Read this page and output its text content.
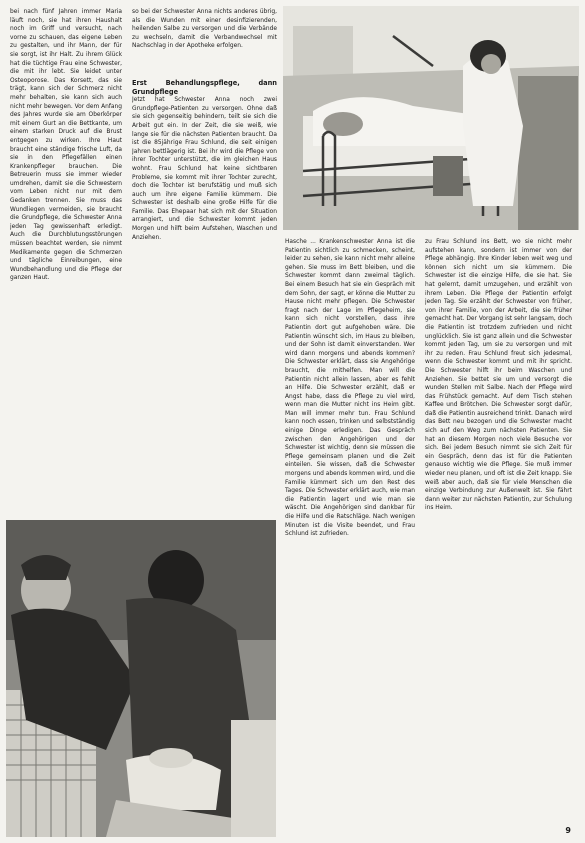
bei nach fünf Jahren immer Maria läuft noch, sie hat ihren Haushalt noch im Griff und versucht, nach vorne zu schauen, das eigene Leben zu gestalten, und ihr Mann, der für sie sorgt, ist ihr Halt. Zu ihrem Glück hat die tüchtige Frau eine Schwester, die mit ihr lebt. Sie leidet unter Osteoporose. Das Korsett, das sie trägt, kann sich der Schmerz nicht mehr behalten, sie kann sich auch nicht mehr bewegen. Vor dem Anfang des Jahres wurde sie am Oberkörper mit einem Gurt an die Bettkante, um einem starken Druck auf die Brust entgegen zu wirken. Ihre Haut braucht eine ständige frische Luft, da sie in den Pflegefällen einen Krankenpfleger brauchen. Die Betreuerin muss sie immer wieder umdrehen, damit sie die Schwestern vom Leben nicht nur mit dem Gedanken trennen. Sie muss das Wundliegen vermeiden, sie braucht die Grundpflege, die Schwester Anna jeden Tag gewissenhaft erledigt. Auch die Durchblutungsstörungen müssen beachtet werden, sie nimmt Medikamente gegen die Schmerzen und tägliche Einreibungen, eine Wundbehandlung und die Pflege der ganzen Haut.

so bei der Schwester Anna nichts anderes übrig, als die Wunden mit einer desinfizierenden, heilenden Salbe zu versorgen und die Verbände zu wechseln, damit die Verbandwechsel mit Nachschlag in der Apotheke erfolgen.

Erst Behandlungspflege, dann Grundpflege

Jetzt hat Schwester Anna noch zwei Grundpflege-Patienten zu versorgen. Ohne daß sie sich gegenseitig behindern, teilt sie sich die Arbeit gut ein. In der Zeit, die sie weiß, wie lange sie für die nächsten Patienten braucht. Da ist die 85jährige Frau Schlund, die seit einigen Jahren bettlägerig ist. Bei ihr wird die Pflege von ihrer Tochter unterstützt, die im gleichen Haus wohnt. Frau Schlund hat keine sichtbaren Probleme, sie kommt mit ihrer Tochter zurecht, doch die Tochter ist berufstätig und muß sich auch um ihre eigene Familie kümmern. Die Schwester ist deshalb eine große Hilfe für die Familie. Das Ehepaar hat sich mit der Situation arrangiert, und die Schwester kommt jeden Morgen und hilft beim Aufstehen, Waschen und Anziehen.

Hasche ... Krankenschwester Anna ist die Patientin sichtlich zu schmecken, scheint, leider zu sehen, sie kann nicht mehr alleine gehen. Sie muss im Bett bleiben, und die Schwester kommt dann zweimal täglich. Bei einem Besuch hat sie ein Gespräch mit dem Sohn, der sagt, er könne die Mutter zu Hause nicht mehr pflegen. Die Schwester fragt nach der Lage im Pflegeheim, sie kann sich nicht vorstellen, dass ihre Patientin dort gut aufgehoben wäre. Die Patientin wünscht sich, im Haus zu bleiben, und der Sohn ist damit einverstanden. Wer wird dann morgens und abends kommen? Die Schwester erklärt, dass sie Angehörige braucht, die mithelfen. Man will die Patientin nicht allein lassen, aber es fehlt an Hilfe. Die Schwester erzählt, daß er Angst habe, dass die Pflege zu viel wird, wenn man die Mutter nicht ins Heim gibt. Man will immer mehr tun. Frau Schlund kann noch essen, trinken und selbstständig einige Dinge erledigen. Das Gespräch zwischen den Angehörigen und der Schwester ist wichtig, denn sie müssen die Pflege gemeinsam planen und die Zeit einteilen. Sie wissen, daß die Schwester morgens und abends kommen wird, und die Familie kümmert sich um den Rest des Tages. Die Schwester erklärt auch, wie man die Patientin lagert und wie man sie wäscht. Die Angehörigen sind dankbar für die Hilfe und die Ratschläge. Nach wenigen Minuten ist die Visite beendet, und Frau Schlund ist zufrieden.

zu Frau Schlund ins Bett, wo sie nicht mehr aufstehen kann, sondern ist immer von der Pflege abhängig. Ihre Kinder leben weit weg und können sich nicht um sie kümmern. Die Schwester ist die einzige Hilfe, die sie hat. Sie hat gelernt, damit umzugehen, und erzählt von ihrem Leben. Die Pflege der Patientin erfolgt jeden Tag. Sie erzählt der Schwester von früher, von ihrer Familie, von der Arbeit, die sie früher gemacht hat. Der Vorgang ist sehr langsam, doch die Patientin ist trotzdem zufrieden und nicht unglücklich. Sie ist ganz allein und die Schwester kommt jeden Tag, um sie zu versorgen und mit ihr zu reden. Frau Schlund freut sich jedesmal, wenn die Schwester kommt und mit ihr spricht. Die Schwester hilft ihr beim Waschen und Anziehen. Sie bettet sie um und versorgt die wunden Stellen mit Salbe. Nach der Pflege wird das Frühstück gemacht. Auf dem Tisch stehen Kaffee und Brötchen. Die Schwester sorgt dafür, daß die Patientin ausreichend trinkt. Danach wird das Bett neu bezogen und die Schwester macht sich auf den Weg zum nächsten Patienten. Sie hat an diesem Morgen noch viele Besuche vor sich. Bei jedem Besuch nimmt sie sich Zeit für ein Gespräch, denn das ist für die Patienten genauso wichtig wie die Pflege. Sie muß immer wieder neu planen, und oft ist die Zeit knapp. Sie weiß aber auch, daß sie für viele Menschen die einzige Verbindung zur Außenwelt ist. Sie fährt dann weiter zur nächsten Patientin, zur Schulung ins Heim.

9
